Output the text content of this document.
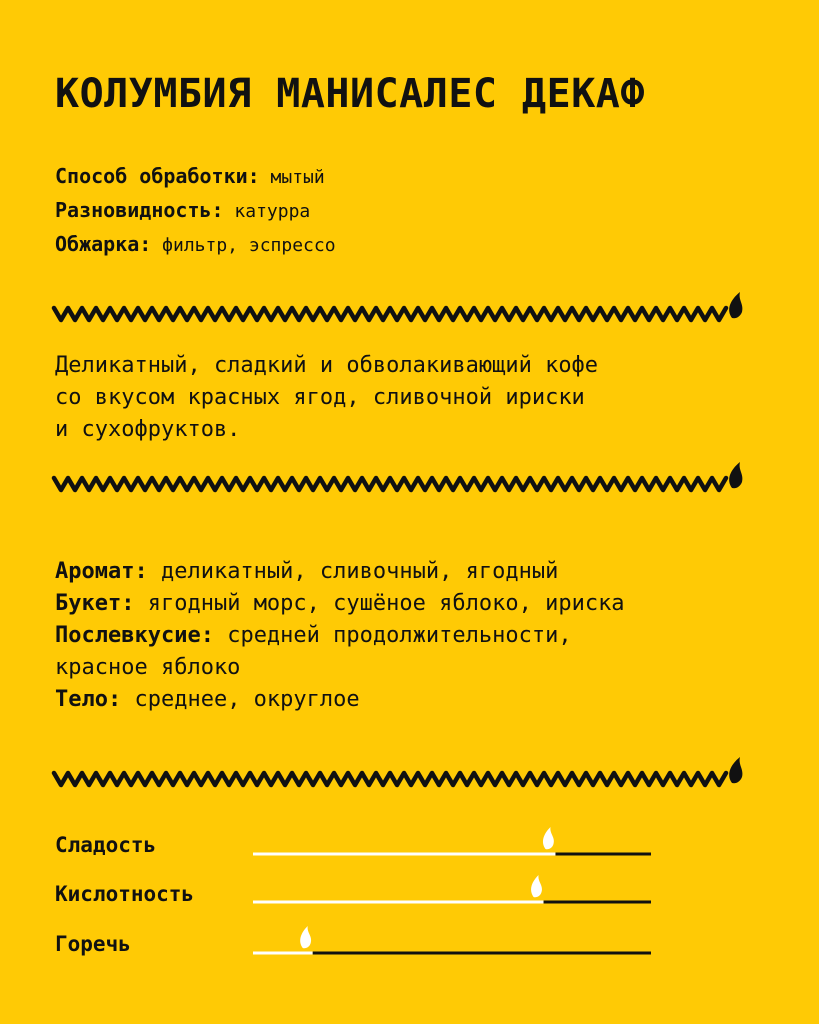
КОЛУМБИЯ МАНИСАЛЕС ДЕКАФ
Способ обработки: мытый
Разновидность: катурра
Обжарка: фильтр, эспрессо
Деликатный, сладкий и обволакивающий кофе
со вкусом красных ягод, сливочной ириски
и сухофруктов.
Аромат: деликатный, сливочный, ягодный
Букет: ягодный морс, сушёное яблоко, ириска
Послевкусие: средней продолжительности,
красное яблоко
Тело: среднее, округлое
Сладость
Кислотность
Горечь
